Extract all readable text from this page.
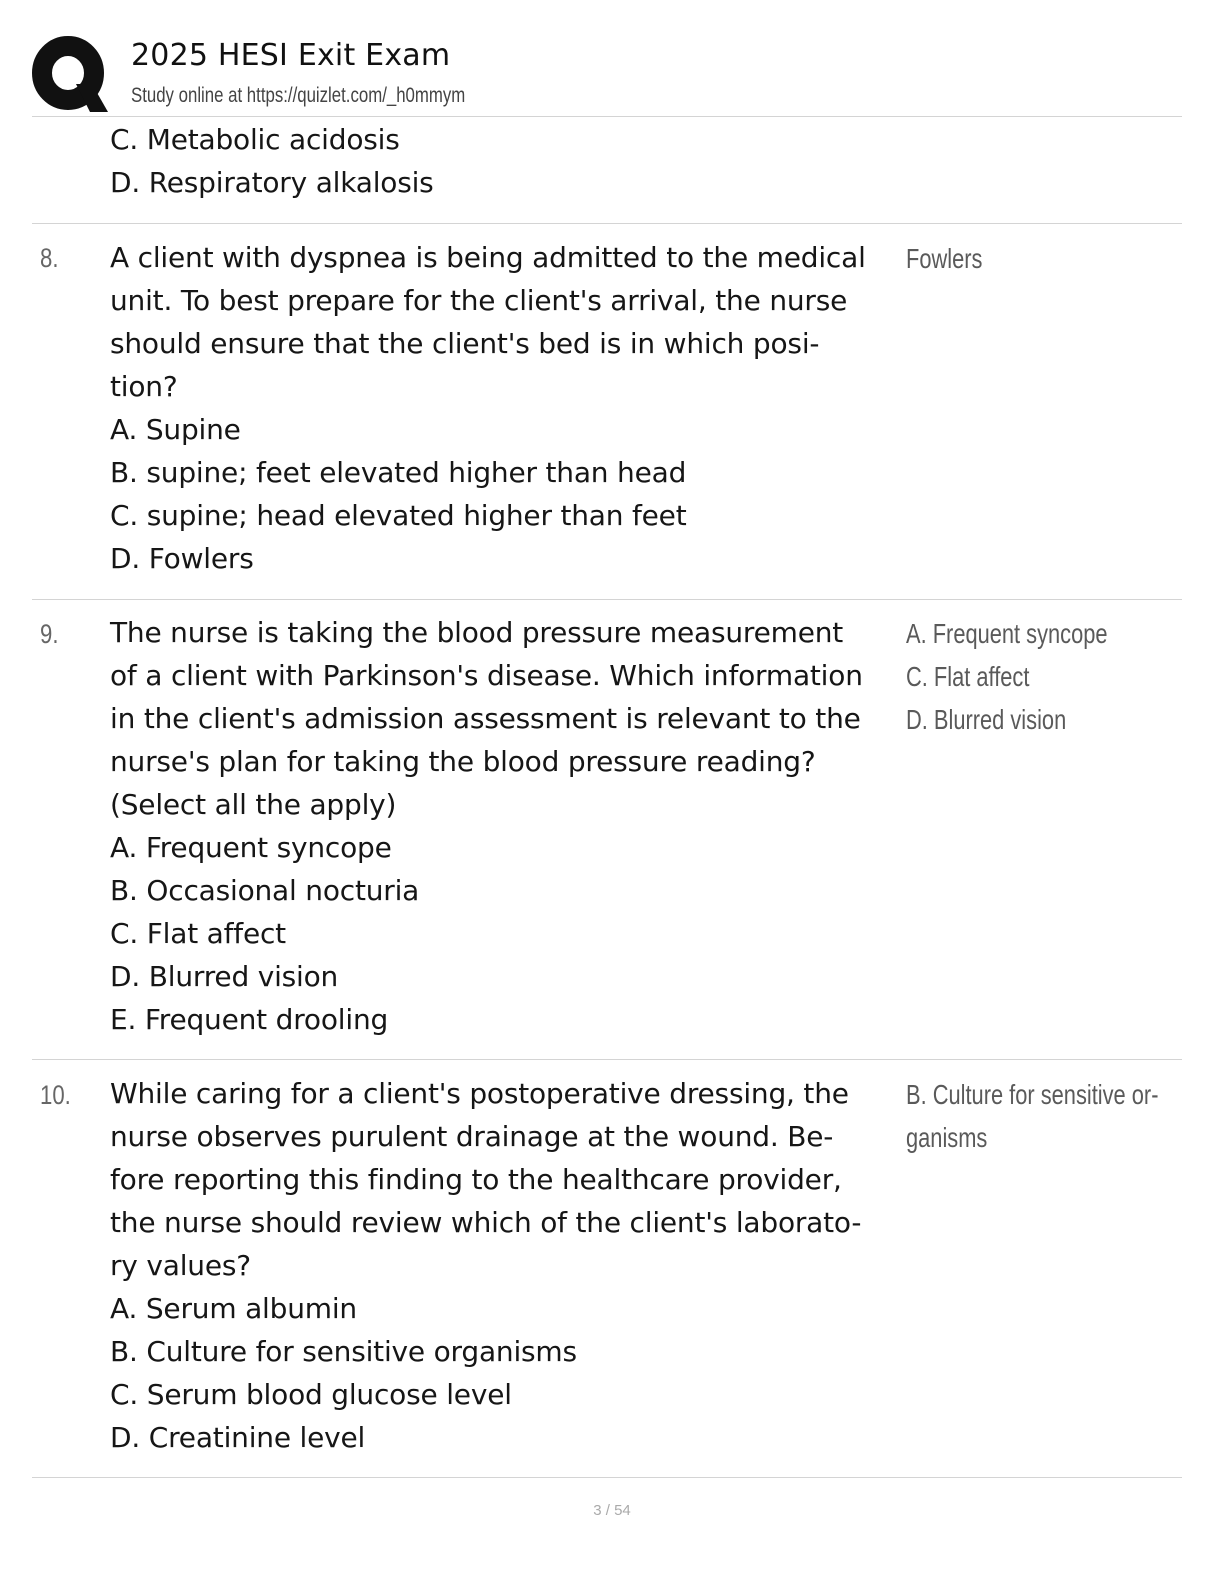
2025 HESI Exit Exam
Study online at https://quizlet.com/_h0mmym
C. Metabolic acidosis
D. Respiratory alkalosis
8. A client with dyspnea is being admitted to the medical
unit. To best prepare for the client's arrival, the nurse
should ensure that the client's bed is in which posi-
tion?
A. Supine
B. supine; feet elevated higher than head
C. supine; head elevated higher than feet
D. Fowlers
Fowlers
9. The nurse is taking the blood pressure measurement
of a client with Parkinson's disease. Which information
in the client's admission assessment is relevant to the
nurse's plan for taking the blood pressure reading?
(Select all the apply)
A. Frequent syncope
B. Occasional nocturia
C. Flat affect
D. Blurred vision
E. Frequent drooling
A. Frequent syncope
C. Flat affect
D. Blurred vision
10. While caring for a client's postoperative dressing, the
nurse observes purulent drainage at the wound. Be-
fore reporting this finding to the healthcare provider,
the nurse should review which of the client's laborato-
ry values?
A. Serum albumin
B. Culture for sensitive organisms
C. Serum blood glucose level
D. Creatinine level
B. Culture for sensitive or-
ganisms
3 / 54
